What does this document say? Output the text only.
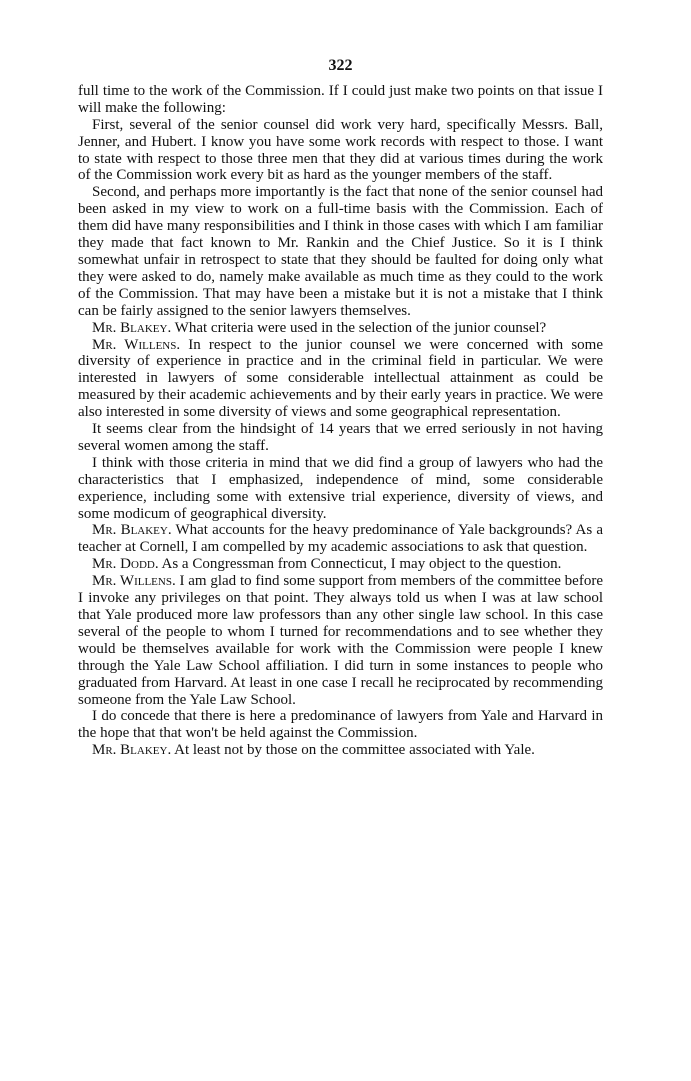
322

full time to the work of the Commission. If I could just make two points on that issue I will make the following:

First, several of the senior counsel did work very hard, specifically Messrs. Ball, Jenner, and Hubert. I know you have some work records with respect to those. I want to state with respect to those three men that they did at various times during the work of the Commission work every bit as hard as the younger members of the staff.

Second, and perhaps more importantly is the fact that none of the senior counsel had been asked in my view to work on a full-time basis with the Commission. Each of them did have many responsibilities and I think in those cases with which I am familiar they made that fact known to Mr. Rankin and the Chief Justice. So it is I think somewhat unfair in retrospect to state that they should be faulted for doing only what they were asked to do, namely make available as much time as they could to the work of the Commission. That may have been a mistake but it is not a mistake that I think can be fairly assigned to the senior lawyers themselves.

Mr. Blakey. What criteria were used in the selection of the junior counsel?

Mr. Willens. In respect to the junior counsel we were concerned with some diversity of experience in practice and in the criminal field in particular. We were interested in lawyers of some considerable intellectual attainment as could be measured by their academic achievements and by their early years in practice. We were also interested in some diversity of views and some geographical representation.

It seems clear from the hindsight of 14 years that we erred seriously in not having several women among the staff.

I think with those criteria in mind that we did find a group of lawyers who had the characteristics that I emphasized, independence of mind, some considerable experience, including some with extensive trial experience, diversity of views, and some modicum of geographical diversity.

Mr. Blakey. What accounts for the heavy predominance of Yale backgrounds? As a teacher at Cornell, I am compelled by my academic associations to ask that question.

Mr. Dodd. As a Congressman from Connecticut, I may object to the question.

Mr. Willens. I am glad to find some support from members of the committee before I invoke any privileges on that point. They always told us when I was at law school that Yale produced more law professors than any other single law school. In this case several of the people to whom I turned for recommendations and to see whether they would be themselves available for work with the Commission were people I knew through the Yale Law School affiliation. I did turn in some instances to people who graduated from Harvard. At least in one case I recall he reciprocated by recommending someone from the Yale Law School.

I do concede that there is here a predominance of lawyers from Yale and Harvard in the hope that that won't be held against the Commission.

Mr. Blakey. At least not by those on the committee associated with Yale.
